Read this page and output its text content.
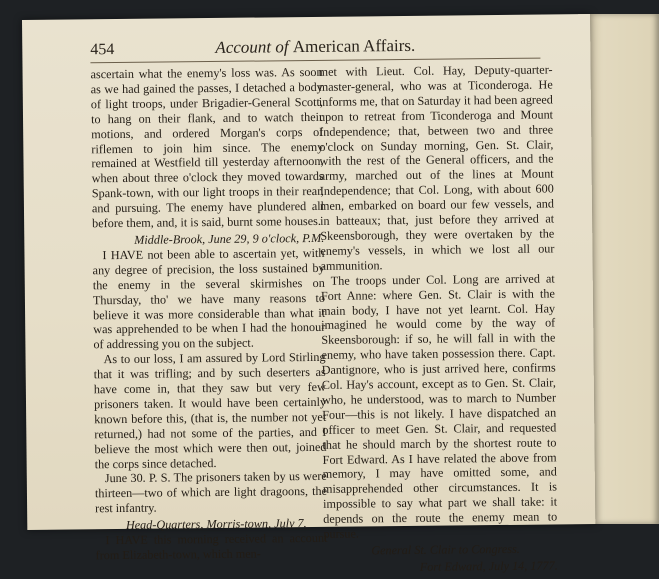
454	Account of American Affairs.

ascertain what the enemy's loss was. As soon as we had gained the passes, I detached a body of light troops, under Brigadier-General Scott, to hang on their flank, and to watch their motions, and ordered Morgan's corps of riflemen to join him since. The enemy remained at Westfield till yesterday afternoon, when about three o'clock they moved towards Spank-town, with our light troops in their rear, and pursuing. The enemy have plundered all before them, and, it is said, burnt some houses.

Middle-Brook, June 29, 9 o'clock, P.M.

I HAVE not been able to ascertain yet, with any degree of precision, the loss sustained by the enemy in the several skirmishes on Thursday, tho' we have many reasons to believe it was more considerable than what it was apprehended to be when I had the honour of addressing you on the subject.

As to our loss, I am assured by Lord Stirling that it was trifling; and by such deserters as have come in, that they saw but very few prisoners taken. It would have been certainly known before this, (that is, the number not yet returned,) had not some of the parties, and I believe the most which were then out, joined the corps since detached.

June 30. P. S. The prisoners taken by us were thirteen—two of which are light dragoons, the rest infantry.

Head-Quarters, Morris-town, July 7.

I HAVE this morning received an account from Elizabeth-town, which men-

met with Lieut. Col. Hay, Deputy-quarter-master-general, who was at Ticonderoga. He informs me, that on Saturday it had been agreed upon to retreat from Ticonderoga and Mount Independence; that, between two and three o'clock on Sunday morning, Gen. St. Clair, with the rest of the General officers, and the army, marched out of the lines at Mount Independence; that Col. Long, with about 600 men, embarked on board our few vessels, and in batteaux; that, just before they arrived at Skeensborough, they were overtaken by the enemy's vessels, in which we lost all our ammunition.

The troops under Col. Long are arrived at Fort Anne: where Gen. St. Clair is with the main body, I have not yet learnt. Col. Hay imagined he would come by the way of Skeensborough: if so, he will fall in with the enemy, who have taken possession there. Capt. Dantignore, who is just arrived here, confirms Col. Hay's account, except as to Gen. St. Clair, who, he understood, was to march to Number Four—this is not likely. I have dispatched an officer to meet Gen. St. Clair, and requested that he should march by the shortest route to Fort Edward. As I have related the above from memory, I may have omitted some, and misapprehended other circumstances. It is impossible to say what part we shall take: it depends on the route the enemy mean to pursue.

General St. Clair to Congress.

Fort Edward, July 14, 1777.
